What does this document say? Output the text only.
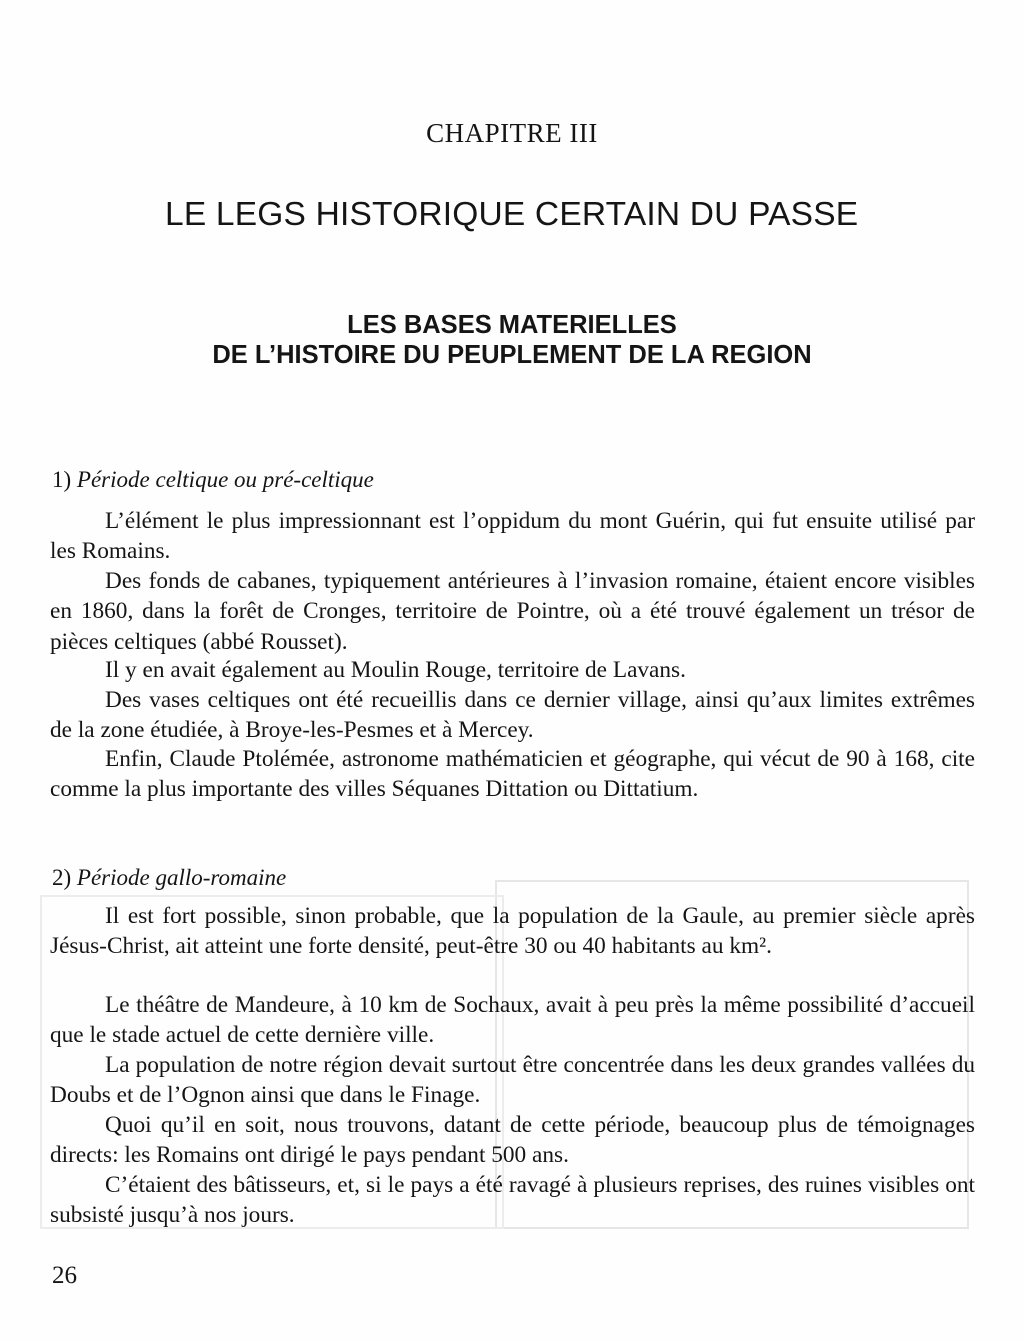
CHAPITRE III
LE LEGS HISTORIQUE CERTAIN DU PASSE
LES BASES MATERIELLES
DE L’HISTOIRE DU PEUPLEMENT DE LA REGION
1) Période celtique ou pré-celtique

L’élément le plus impressionnant est l’oppidum du mont Guérin, qui fut ensuite utilisé par les Romains.

Des fonds de cabanes, typiquement antérieures à l’invasion romaine, étaient encore visibles en 1860, dans la forêt de Cronges, territoire de Pointre, où a été trouvé également un trésor de pièces celtiques (abbé Rousset).

Il y en avait également au Moulin Rouge, territoire de Lavans.

Des vases celtiques ont été recueillis dans ce dernier village, ainsi qu’aux limites extrêmes de la zone étudiée, à Broye-les-Pesmes et à Mercey.

Enfin, Claude Ptolémée, astronome mathématicien et géographe, qui vécut de 90 à 168, cite comme la plus importante des villes Séquanes Dittation ou Dittatium.

2) Période gallo-romaine

Il est fort possible, sinon probable, que la population de la Gaule, au premier siècle après Jésus-Christ, ait atteint une forte densité, peut-être 30 ou 40 habitants au km².

Le théâtre de Mandeure, à 10 km de Sochaux, avait à peu près la même possibilité d’accueil que le stade actuel de cette dernière ville.

La population de notre région devait surtout être concentrée dans les deux grandes vallées du Doubs et de l’Ognon ainsi que dans le Finage.

Quoi qu’il en soit, nous trouvons, datant de cette période, beaucoup plus de témoignages directs: les Romains ont dirigé le pays pendant 500 ans.

C’étaient des bâtisseurs, et, si le pays a été ravagé à plusieurs reprises, des ruines visibles ont subsisté jusqu’à nos jours.

26
